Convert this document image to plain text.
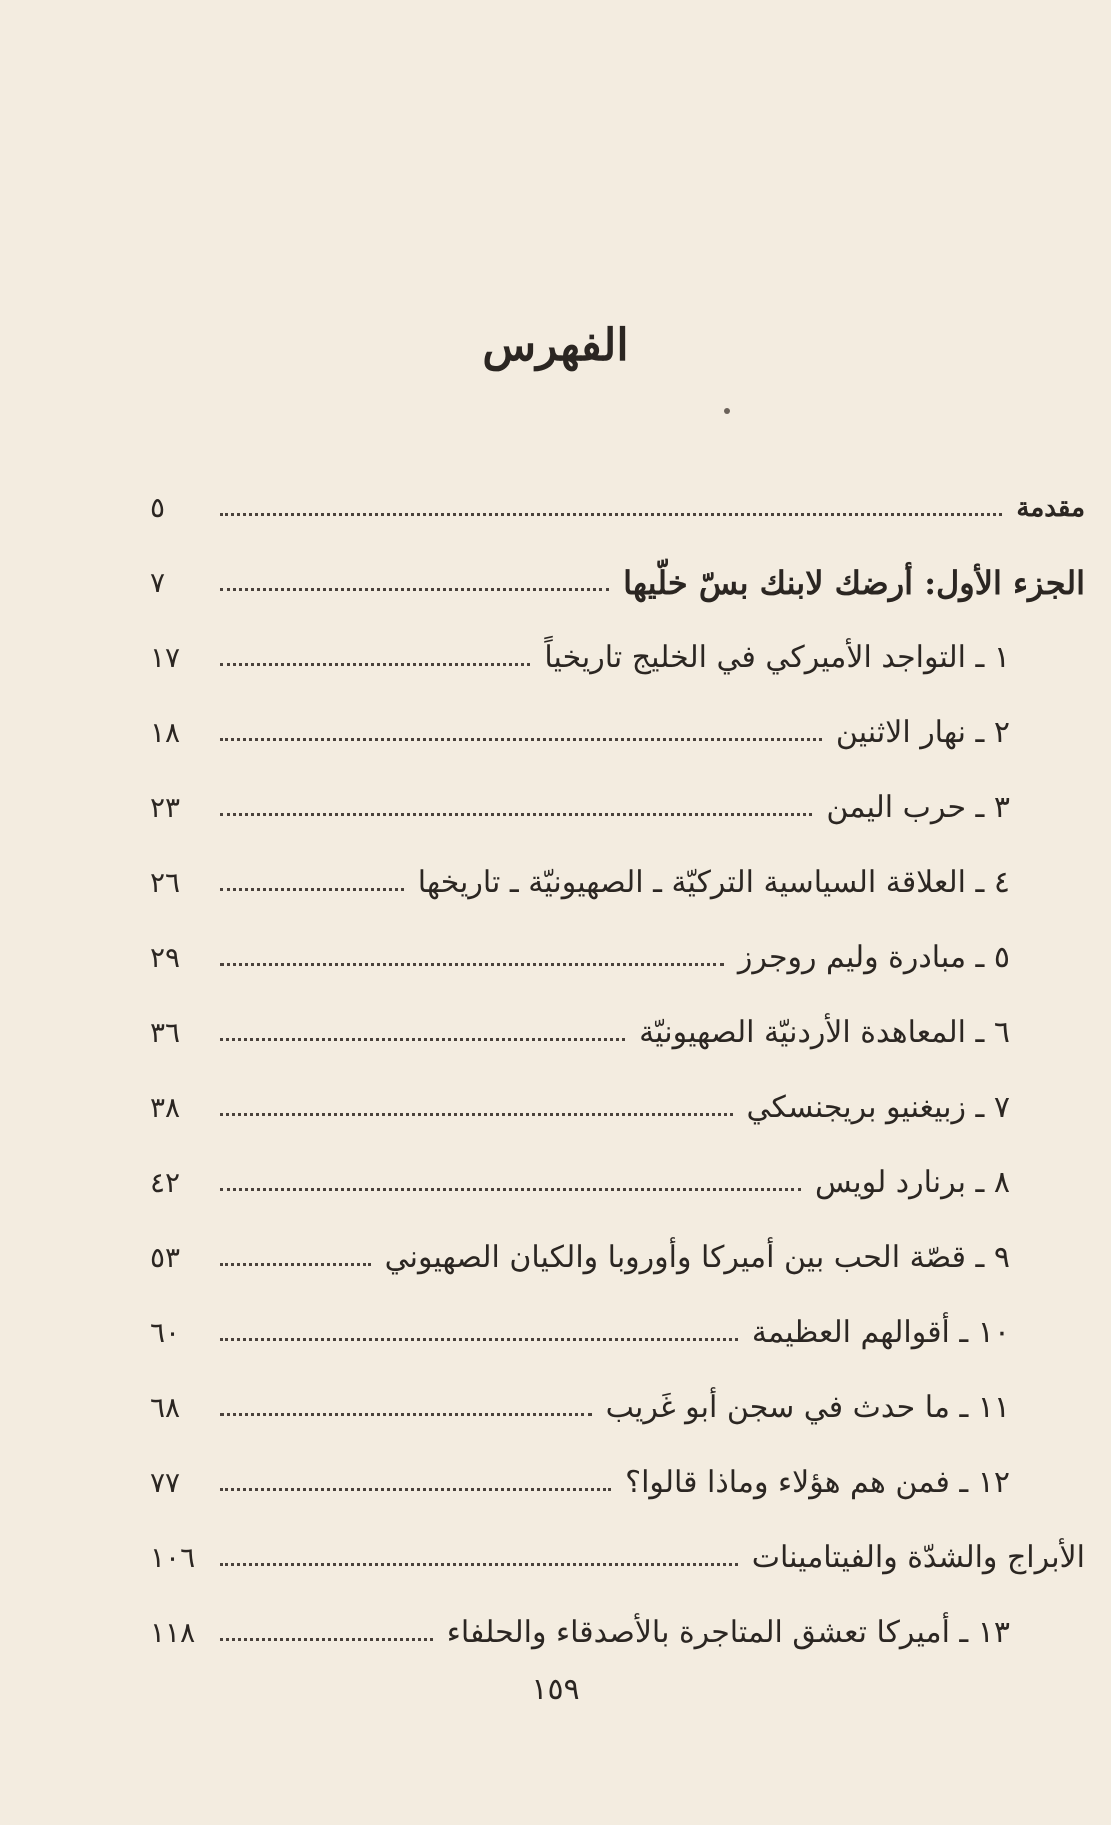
الفهرس
مقدمة
٥
الجزء الأول: أرضك لابنك بسّ خلّيها
٧
١ ـ التواجد الأميركي في الخليج تاريخياً
١٧
٢ ـ نهار الاثنين
١٨
٣ ـ حرب اليمن
٢٣
٤ ـ العلاقة السياسية التركيّة ـ الصهيونيّة ـ تاريخها
٢٦
٥ ـ مبادرة وليم روجرز
٢٩
٦ ـ المعاهدة الأردنيّة الصهيونيّة
٣٦
٧ ـ زبيغنيو بريجنسكي
٣٨
٨ ـ برنارد لويس
٤٢
٩ ـ قصّة الحب بين أميركا وأوروبا والكيان الصهيوني
٥٣
١٠ ـ أقوالهم العظيمة
٦٠
١١ ـ ما حدث في سجن أبو غَريب
٦٨
١٢ ـ فمن هم هؤلاء وماذا قالوا؟
٧٧
الأبراج والشدّة والفيتامينات
١٠٦
١٣ ـ أميركا تعشق المتاجرة بالأصدقاء والحلفاء
١١٨
١٥٩
